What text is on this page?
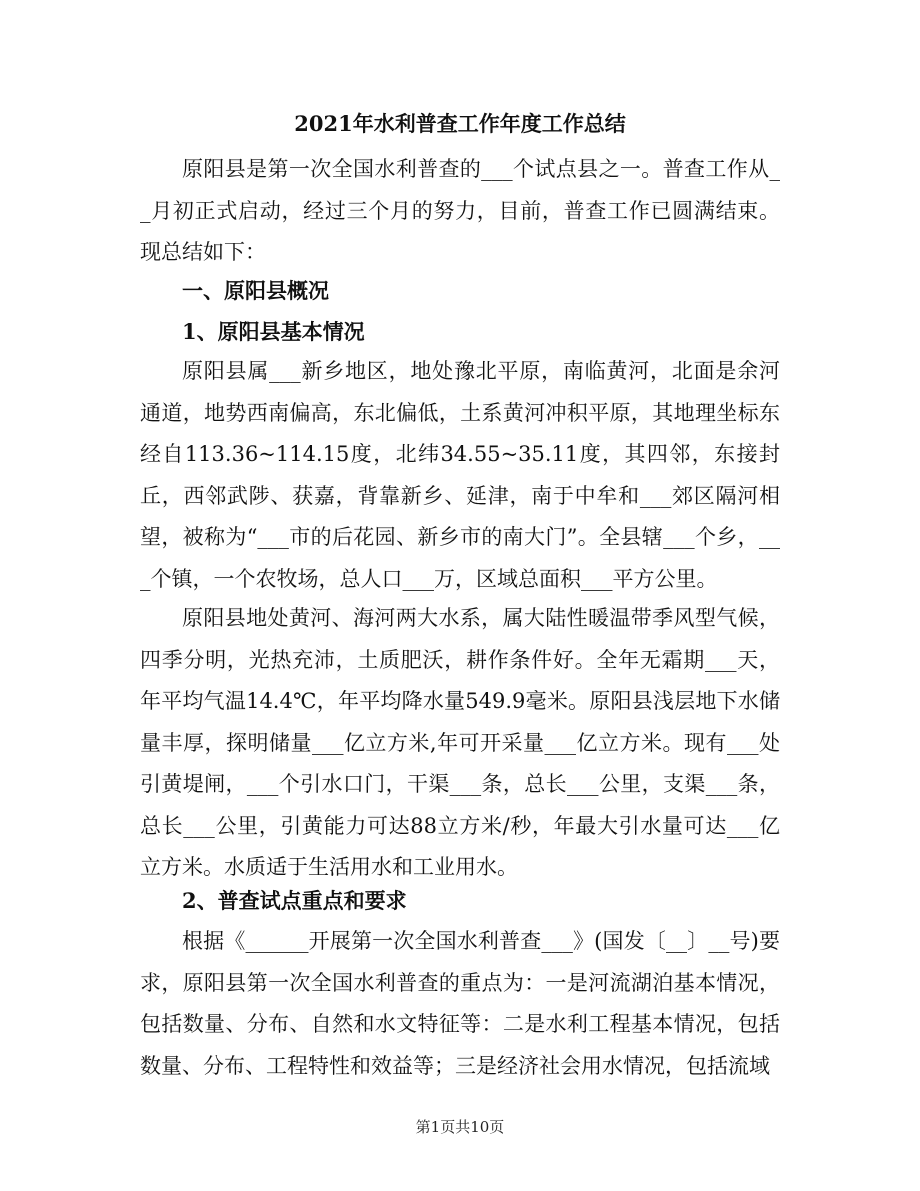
2021年水利普查工作年度工作总结

原阳县是第一次全国水利普查的___个试点县之一。普查工作从__月初正式启动，经过三个月的努力，目前，普查工作已圆满结束。现总结如下：

一、原阳县概况

1、原阳县基本情况

原阳县属___新乡地区，地处豫北平原，南临黄河，北面是余河通道，地势西南偏高，东北偏低，土系黄河冲积平原，其地理坐标东经自113.36~114.15度，北纬34.55~35.11度，其四邻，东接封丘，西邻武陟、获嘉，背靠新乡、延津，南于中牟和___郊区隔河相望，被称为“___市的后花园、新乡市的南大门”。全县辖___个乡，___个镇，一个农牧场，总人口___万，区域总面积___平方公里。

原阳县地处黄河、海河两大水系，属大陆性暖温带季风型气候，四季分明，光热充沛，土质肥沃，耕作条件好。全年无霜期___天，年平均气温14.4℃，年平均降水量549.9毫米。原阳县浅层地下水储量丰厚，探明储量___亿立方米,年可开采量___亿立方米。现有___处引黄堤闸，___个引水口门，干渠___条，总长___公里，支渠___条，总长___公里，引黄能力可达88立方米/秒，年最大引水量可达___亿立方米。水质适于生活用水和工业用水。

2、普查试点重点和要求

根据《______开展第一次全国水利普查___》(国发〔__〕__号)要求，原阳县第一次全国水利普查的重点为：一是河流湖泊基本情况，包括数量、分布、自然和水文特征等：二是水利工程基本情况，包括数量、分布、工程特性和效益等；三是经济社会用水情况，包括流域

第1页共10页
